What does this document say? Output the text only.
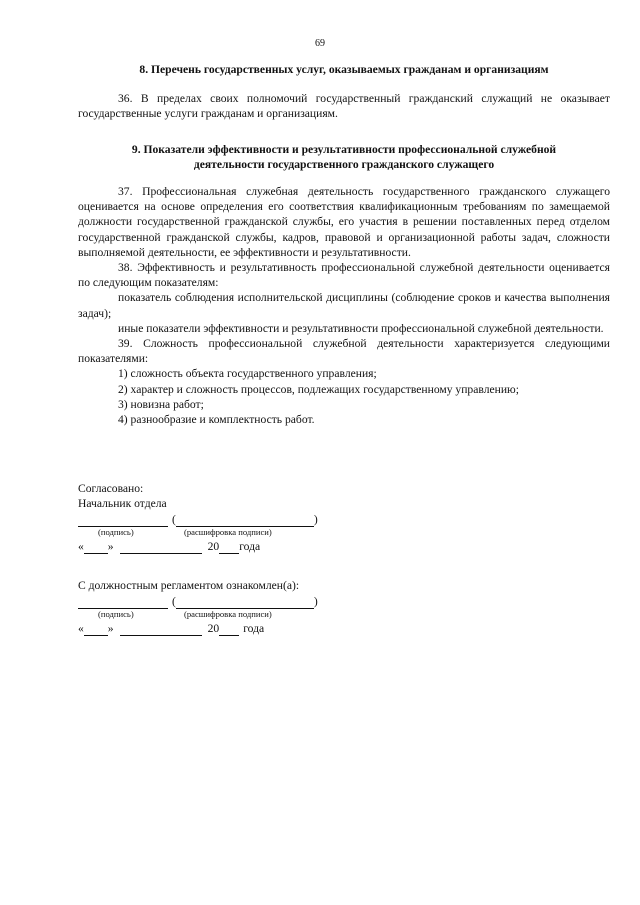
69

8. Перечень государственных услуг, оказываемых гражданам и организациям

36. В пределах своих полномочий государственный гражданский служащий не оказывает государственные услуги гражданам и организациям.

9. Показатели эффективности и результативности профессиональной служебной

деятельности государственного гражданского служащего

37. Профессиональная служебная деятельность государственного гражданского служащего оценивается на основе определения его соответствия квалификационным требованиям по замещаемой должности государственной гражданской службы, его участия в решении поставленных перед отделом государственной гражданской службы, кадров, правовой и организационной работы задач, сложности выполняемой деятельности, ее эффективности и результативности.

38. Эффективность и результативность профессиональной служебной деятельности оценивается по следующим показателям:

показатель соблюдения исполнительской дисциплины (соблюдение сроков и качества выполнения задач);

иные показатели эффективности и результативности профессиональной служебной деятельности.

39. Сложность профессиональной служебной деятельности характеризуется следующими показателями:

1) сложность объекта государственного управления;

2) характер и сложность процессов, подлежащих государственному управлению;

3) новизна работ;

4) разнообразие и комплектность работ.

Согласовано:
Начальник отдела
(	)
(подпись)	(расшифровка подписи)
« »	20 года
С должностным регламентом ознакомлен(а):
(	)
(подпись)	(расшифровка подписи)
« »	20 года
